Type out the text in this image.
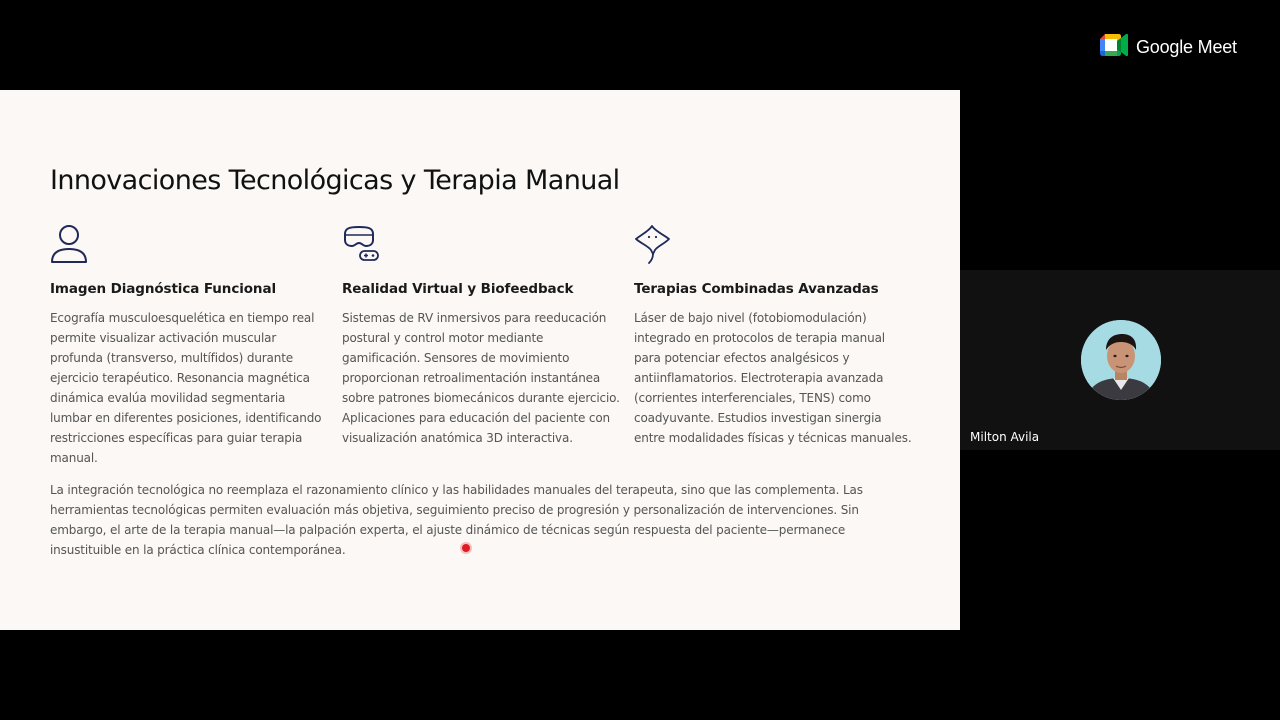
Innovaciones Tecnológicas y Terapia Manual
Imagen Diagnóstica Funcional

Ecografía musculoesquelética en tiempo real permite visualizar activación muscular profunda (transverso, multífidos) durante ejercicio terapéutico. Resonancia magnética dinámica evalúa movilidad segmentaria lumbar en diferentes posiciones, identificando restricciones específicas para guiar terapia manual.

Realidad Virtual y Biofeedback

Sistemas de RV inmersivos para reeducación postural y control motor mediante gamificación. Sensores de movimiento proporcionan retroalimentación instantánea sobre patrones biomecánicos durante ejercicio. Aplicaciones para educación del paciente con visualización anatómica 3D interactiva.

Terapias Combinadas Avanzadas

Láser de bajo nivel (fotobiomodulación) integrado en protocolos de terapia manual para potenciar efectos analgésicos y antiinflamatorios. Electroterapia avanzada (corrientes interferenciales, TENS) como coadyuvante. Estudios investigan sinergia entre modalidades físicas y técnicas manuales.

La integración tecnológica no reemplaza el razonamiento clínico y las habilidades manuales del terapeuta, sino que las complementa. Las herramientas tecnológicas permiten evaluación más objetiva, seguimiento preciso de progresión y personalización de intervenciones. Sin embargo, el arte de la terapia manual—la palpación experta, el ajuste dinámico de técnicas según respuesta del paciente—permanece insustituible en la práctica clínica contemporánea.

Google Meet
Milton Avila
